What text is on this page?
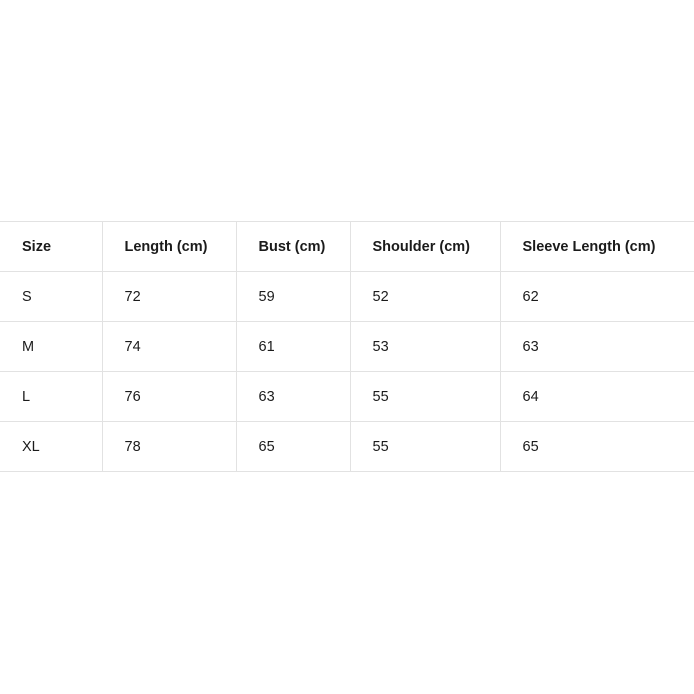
Size	Length (cm)	Bust (cm)	Shoulder (cm)	Sleeve Length (cm)
S	72	59	52	62
M	74	61	53	63
L	76	63	55	64
XL	78	65	55	65
